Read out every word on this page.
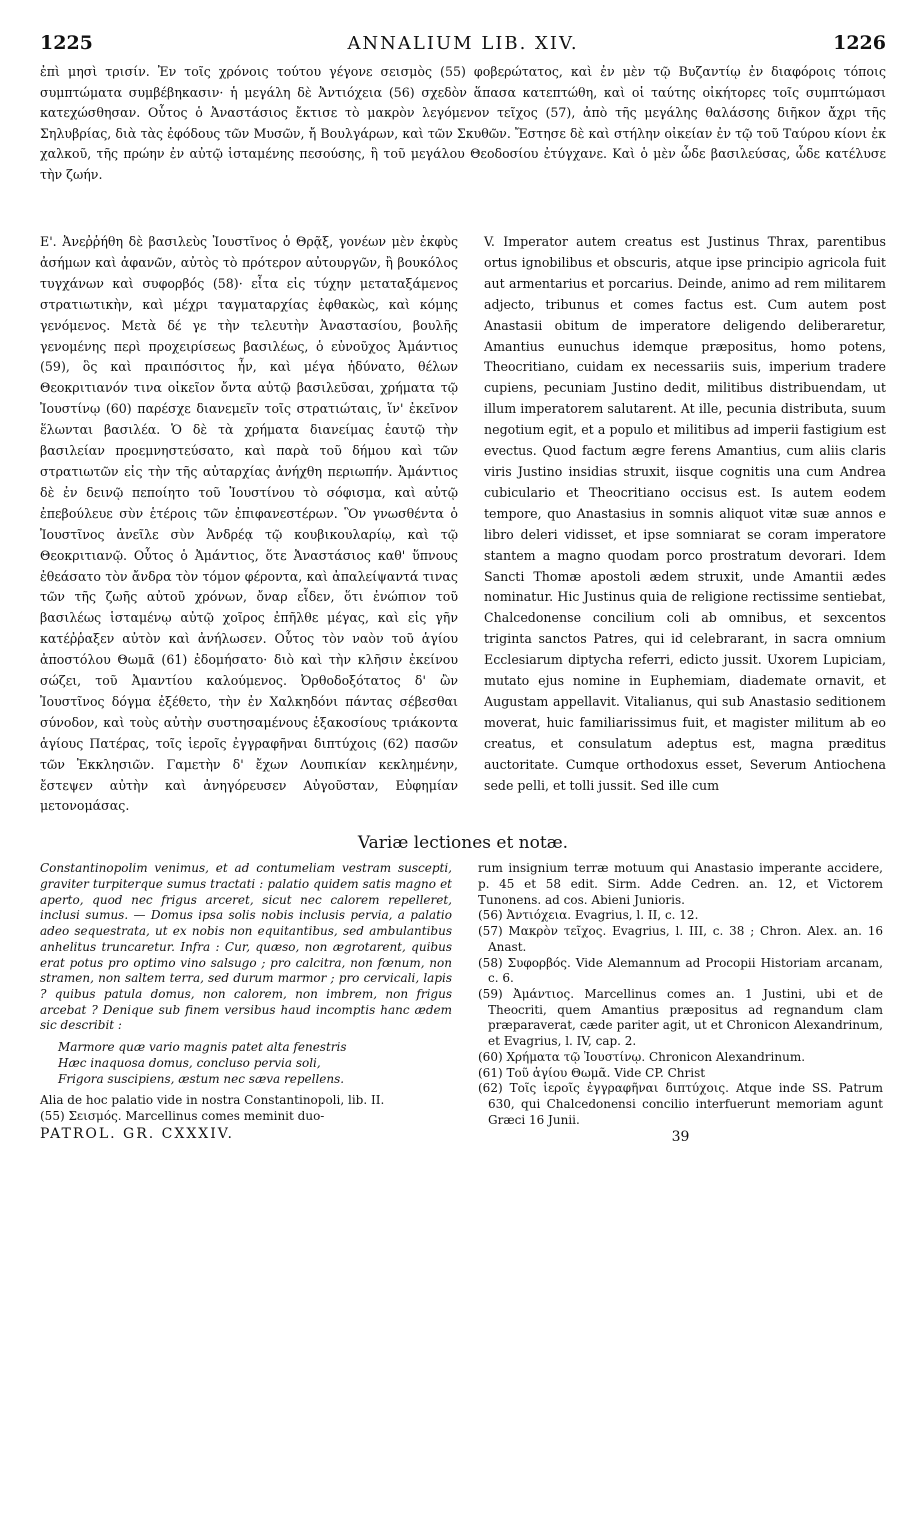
1225	ANNALIUM LIB. XIV.	1226
ἐπὶ μησὶ τρισίν. Ἐν τοῖς χρόνοις τούτου γέγονε σεισμὸς (55) φοβερώτατος, καὶ ἐν μὲν τῷ Βυζαντίῳ ἐν διαφόροις τόποις συμπτώματα συμβέβηκασιν· ἡ μεγάλη δὲ Ἀντιόχεια (56) σχεδὸν ἅπασα κατεπτώθη, καὶ οἱ ταύτης οἰκήτορες τοῖς συμπτώμασι κατεχώσθησαν. Οὗτος ὁ Ἀναστάσιος ἔκτισε τὸ μακρὸν λεγόμενον τεῖχος (57), ἀπὸ τῆς μεγάλης θαλάσσης διῆκον ἄχρι τῆς Σηλυβρίας, διὰ τὰς ἐφόδους τῶν Μυσῶν, ἤ Βουλγάρων, καὶ τῶν Σκυθῶν. Ἔστησε δὲ καὶ στήλην οἰκείαν ἐν τῷ τοῦ Ταύρου κίονι ἐκ χαλκοῦ, τῆς πρώην ἐν αὐτῷ ἱσταμένης πεσούσης, ἣ τοῦ μεγάλου Θεοδοσίου ἐτύγχανε. Καὶ ὁ μὲν ὧδε βασιλεύσας, ὧδε κατέλυσε τὴν ζωήν.

Ε'. Ἀνεῤῥήθη δὲ βασιλεὺς Ἰουστῖνος ὁ Θρᾷξ, γονέων μὲν ἐκφὺς ἀσήμων καὶ ἀφανῶν, αὐτὸς τὸ πρότερον αὐτουργῶν, ἢ βουκόλος τυγχάνων καὶ συφορβός (58)· εἶτα εἰς τύχην μεταταξάμενος στρατιωτικὴν, καὶ μέχρι ταγματαρχίας ἐφθακὼς, καὶ κόμης γενόμενος. Μετὰ δέ γε τὴν τελευτὴν Ἀναστασίου, βουλῆς γενομένης περὶ προχειρίσεως βασιλέως, ὁ εὐνοῦχος Ἀμάντιος (59), ὃς καὶ πραιπόσιτος ἦν, καὶ μέγα ἠδύνατο, θέλων Θεοκριτιανόν τινα οἰκεῖον ὄντα αὐτῷ βασιλεῦσαι, χρήματα τῷ Ἰουστίνῳ (60) παρέσχε διανεμεῖν τοῖς στρατιώταις, ἵν' ἐκεῖνον ἕλωνται βασιλέα. Ὁ δὲ τὰ χρήματα διανείμας ἑαυτῷ τὴν βασιλείαν προεμνηστεύσατο, καὶ παρὰ τοῦ δήμου καὶ τῶν στρατιωτῶν εἰς τὴν τῆς αὐταρχίας ἀνήχθη περιωπήν. Ἀμάντιος δὲ ἐν δεινῷ πεποίητο τοῦ Ἰουστίνου τὸ σόφισμα, καὶ αὐτῷ ἐπεβούλευε σὺν ἑτέροις τῶν ἐπιφανεστέρων. Ὃν γνωσθέντα ὁ Ἰουστῖνος ἀνεῖλε σὺν Ἀνδρέᾳ τῷ κουβικουλαρίῳ, καὶ τῷ Θεοκριτιανῷ. Οὗτος ὁ Ἀμάντιος, ὅτε Ἀναστάσιος καθ' ὕπνους ἐθεάσατο τὸν ἄνδρα τὸν τόμον φέροντα, καὶ ἀπαλείψαντά τινας τῶν τῆς ζωῆς αὐτοῦ χρόνων, ὄναρ εἶδεν, ὅτι ἐνώπιον τοῦ βασιλέως ἱσταμένῳ αὐτῷ χοῖρος ἐπῆλθε μέγας, καὶ εἰς γῆν κατέῤῥαξεν αὐτὸν καὶ ἀνήλωσεν. Οὗτος τὸν ναὸν τοῦ ἁγίου ἀποστόλου Θωμᾶ (61) ἐδομήσατο· διὸ καὶ τὴν κλῆσιν ἐκείνου σώζει, τοῦ Ἀμαντίου καλούμενος. Ὀρθοδοξότατος δ' ὢν Ἰουστῖνος δόγμα ἐξέθετο, τὴν ἐν Χαλκηδόνι πάντας σέβεσθαι σύνοδον, καὶ τοὺς αὐτὴν συστησαμένους ἑξακοσίους τριάκοντα ἁγίους Πατέρας, τοῖς ἱεροῖς ἐγγραφῆναι διπτύχοις (62) πασῶν τῶν Ἐκκλησιῶν. Γαμετὴν δ' ἔχων Λουπικίαν κεκλημένην, ἔστεψεν αὐτὴν καὶ ἀνηγόρευσεν Αὐγοῦσταν, Εὐφημίαν μετονομάσας.

V. Imperator autem creatus est Justinus Thrax, parentibus ortus ignobilibus et obscuris, atque ipse principio agricola fuit aut armentarius et porcarius. Deinde, animo ad rem militarem adjecto, tribunus et comes factus est. Cum autem post Anastasii obitum de imperatore deligendo deliberaretur, Amantius eunuchus idemque præpositus, homo potens, Theocritiano, cuidam ex necessariis suis, imperium tradere cupiens, pecuniam Justino dedit, militibus distribuendam, ut illum imperatorem salutarent. At ille, pecunia distributa, suum negotium egit, et a populo et militibus ad imperii fastigium est evectus. Quod factum ægre ferens Amantius, cum aliis claris viris Justino insidias struxit, iisque cognitis una cum Andrea cubiculario et Theocritiano occisus est. Is autem eodem tempore, quo Anastasius in somnis aliquot vitæ suæ annos e libro deleri vidisset, et ipse somniarat se coram imperatore stantem a magno quodam porco prostratum devorari. Idem Sancti Thomæ apostoli ædem struxit, unde Amantii ædes nominatur. Hic Justinus quia de religione rectissime sentiebat, Chalcedonense concilium coli ab omnibus, et sexcentos triginta sanctos Patres, qui id celebrarant, in sacra omnium Ecclesiarum diptycha referri, edicto jussit. Uxorem Lupiciam, mutato ejus nomine in Euphemiam, diademate ornavit, et Augustam appellavit. Vitalianus, qui sub Anastasio seditionem moverat, huic familiarissimus fuit, et magister militum ab eo creatus, et consulatum adeptus est, magna præditus auctoritate. Cumque orthodoxus esset, Severum Antiochena sede pelli, et tolli jussit. Sed ille cum

Variæ lectiones et notæ.

Constantinopolim venimus, et ad contumeliam vestram suscepti, graviter turpiterque sumus tractati : palatio quidem satis magno et aperto, quod nec frigus arceret, sicut nec calorem repelleret, inclusi sumus. — Domus ipsa solis nobis inclusis pervia, a palatio adeo sequestrata, ut ex nobis non equitantibus, sed ambulantibus anhelitus truncaretur. Infra : Cur, quæso, non ægrotarent, quibus erat potus pro optimo vino salsugo ; pro calcitra, non fœnum, non stramen, non saltem terra, sed durum marmor ; pro cervicali, lapis ? quibus patula domus, non calorem, non imbrem, non frigus arcebat ? Denique sub finem versibus haud incomptis hanc ædem sic describit :

Marmore quæ vario magnis patet alta fenestris
Hæc inaquosa domus, concluso pervia soli,
Frigora suscipiens, æstum nec sæva repellens.

Alia de hoc palatio vide in nostra Constantinopoli, lib. II.

(55) Σεισμός. Marcellinus comes meminit duo-

PATROL. GR. CXXXIV.

rum insignium terræ motuum qui Anastasio imperante accidere, p. 45 et 58 edit. Sirm. Adde Cedren. an. 12, et Victorem Tunonens. ad cos. Abieni Junioris.

(56) Ἀντιόχεια. Evagrius, l. II, c. 12.

(57) Μακρὸν τεῖχος. Evagrius, l. III, c. 38 ; Chron. Alex. an. 16 Anast.

(58) Συφορβός. Vide Alemannum ad Procopii Historiam arcanam, c. 6.

(59) Ἀμάντιος. Marcellinus comes an. 1 Justini, ubi et de Theocriti, quem Amantius præpositus ad regnandum clam præparaverat, cæde pariter agit, ut et Chronicon Alexandrinum, et Evagrius, l. IV, cap. 2.

(60) Χρήματα τῷ Ἰουστίνῳ. Chronicon Alexandrinum.

(61) Τοῦ ἁγίου Θωμᾶ. Vide CP. Christ

(62) Τοῖς ἱεροῖς ἐγγραφῆναι διπτύχοις. Atque inde SS. Patrum 630, qui Chalcedonensi concilio interfuerunt memoriam agunt Græci 16 Junii.

39
